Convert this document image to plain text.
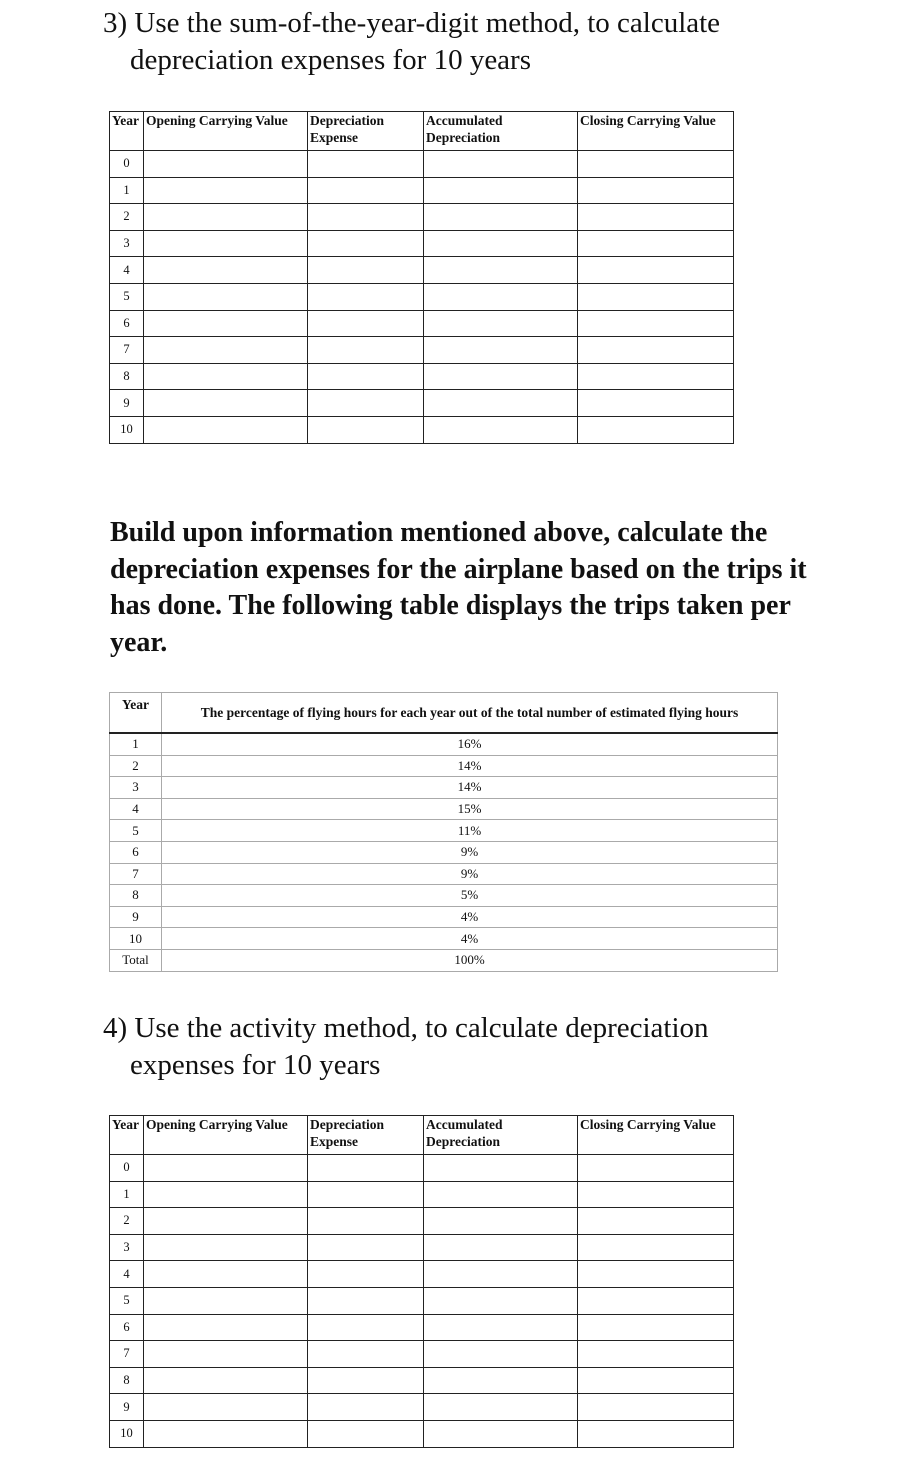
3) Use the sum-of-the-year-digit method, to calculate
depreciation expenses for 10 years
Year	Opening Carrying Value	Depreciation Expense	Accumulated Depreciation	Closing Carrying Value
0				
1				
2				
3				
4				
5				
6				
7				
8				
9				
10				

Build upon information mentioned above, calculate the depreciation expenses for the airplane based on the trips it has done. The following table displays the trips taken per year.

Year	The percentage of flying hours for each year out of the total number of estimated flying hours
1	16%
2	14%
3	14%
4	15%
5	11%
6	9%
7	9%
8	5%
9	4%
10	4%
Total	100%
4) Use the activity method, to calculate depreciation
expenses for 10 years
Year	Opening Carrying Value	Depreciation Expense	Accumulated Depreciation	Closing Carrying Value
0				
1				
2				
3				
4				
5				
6				
7				
8				
9				
10				
